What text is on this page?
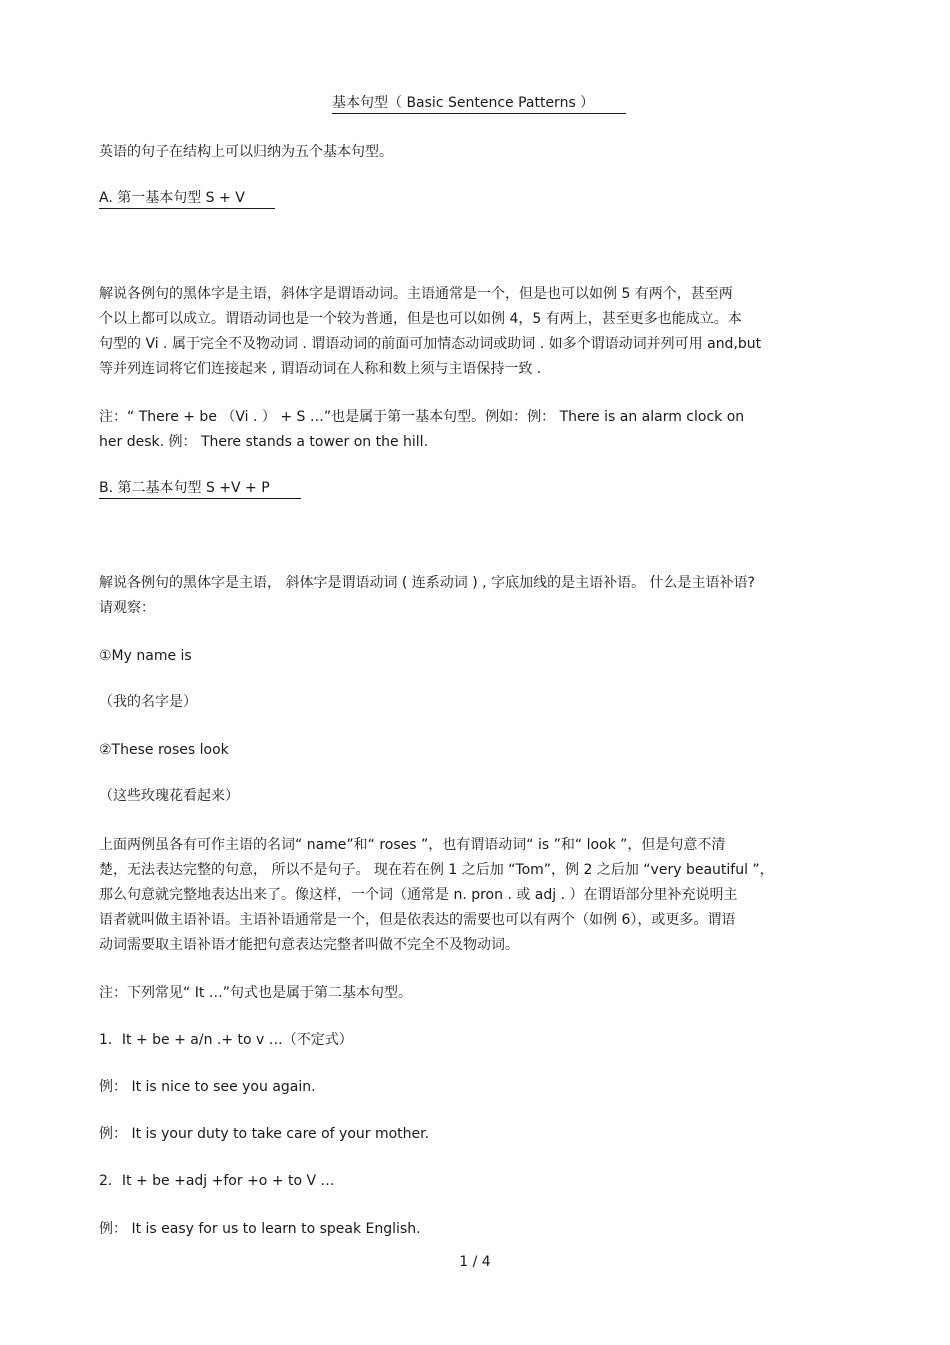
基本句型（ Basic Sentence Patterns ）
英语的句子在结构上可以归纳为五个基本句型。
A. 第一基本句型 S + V
解说各例句的黑体字是主语，斜体字是谓语动词。主语通常是一个，但是也可以如例 5 有两个，甚至两
个以上都可以成立。谓语动词也是一个较为普通，但是也可以如例 4，5 有两上，甚至更多也能成立。本
句型的 Vi . 属于完全不及物动词 . 谓语动词的前面可加情态动词或助词 . 如多个谓语动词并列可用 and,but
等并列连词将它们连接起来 , 谓语动词在人称和数上须与主语保持一致 .
注：“ There + be （Vi . ） + S …”也是属于第一基本句型。例如：例： There is an alarm clock on
her desk. 例： There stands a tower on the hill.
B. 第二基本句型 S +V + P
解说各例句的黑体字是主语， 斜体字是谓语动词 ( 连系动词 ) , 字底加线的是主语补语。 什么是主语补语?
请观察：
①My name is
（我的名字是）
②These roses look
（这些玫瑰花看起来）
上面两例虽各有可作主语的名词“ name”和“ roses ”，也有谓语动词“ is ”和“ look ”，但是句意不清
楚，无法表达完整的句意， 所以不是句子。 现在若在例 1 之后加 “Tom”，例 2 之后加 “very beautiful ”，
那么句意就完整地表达出来了。像这样，一个词（通常是 n. pron . 或 adj . ）在谓语部分里补充说明主
语者就叫做主语补语。主语补语通常是一个，但是依表达的需要也可以有两个（如例 6），或更多。谓语
动词需要取主语补语才能把句意表达完整者叫做不完全不及物动词。
注：下列常见“ It …”句式也是属于第二基本句型。
1．It + be + a/n .+ to v …（不定式）
例： It is nice to see you again.
例： It is your duty to take care of your mother.
2．It + be +adj +for +o + to V …
例： It is easy for us to learn to speak English.
1 / 4
